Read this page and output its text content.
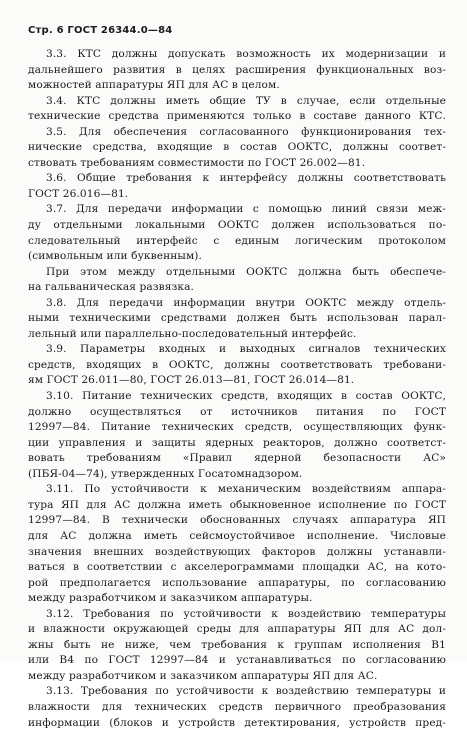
Стр. 6 ГОСТ 26344.0—84
3.3. КТС должны допускать возможность их модернизации и
дальнейшего развития в целях расширения функциональных воз-
можностей аппаратуры ЯП для АС в целом.
3.4. КТС должны иметь общие ТУ в случае, если отдельные
технические средства применяются только в составе данного КТС.
3.5. Для обеспечения согласованного функционирования тех-
нические средства, входящие в состав ООКТС, должны соответ-
ствовать требованиям совместимости по ГОСТ 26.002—81.
3.6. Общие требования к интерфейсу должны соответствовать
ГОСТ 26.016—81.
3.7. Для передачи информации с помощью линий связи меж-
ду отдельными локальными ООКТС должен использоваться по-
следовательный интерфейс с единым логическим протоколом
(символьным или буквенным).
При этом между отдельными ООКТС должна быть обеспече-
на гальваническая развязка.
3.8. Для передачи информации внутри ООКТС между отдель-
ными техническими средствами должен быть использован парал-
лельный или параллельно-последовательный интерфейс.
3.9. Параметры входных и выходных сигналов технических
средств, входящих в ООКТС, должны соответствовать требовани-
ям ГОСТ 26.011—80, ГОСТ 26.013—81, ГОСТ 26.014—81.
3.10. Питание технических средств, входящих в состав ООКТС,
должно осуществляться от источников питания по ГОСТ
12997—84. Питание технических средств, осуществляющих функ-
ции управления и защиты ядерных реакторов, должно соответст-
вовать требованиям «Правил ядерной безопасности АС»
(ПБЯ-04—74), утвержденных Госатомнадзором.
3.11. По устойчивости к механическим воздействиям аппара-
тура ЯП для АС должна иметь обыкновенное исполнение по ГОСТ
12997—84. В технически обоснованных случаях аппаратура ЯП
для АС должна иметь сейсмоустойчивое исполнение. Числовые
значения внешних воздействующих факторов должны устанавли-
ваться в соответствии с акселерограммами площадки АС, на кото-
рой предполагается использование аппаратуры, по согласованию
между разработчиком и заказчиком аппаратуры.
3.12. Требования по устойчивости к воздействию температуры
и влажности окружающей среды для аппаратуры ЯП для АС дол-
жны быть не ниже, чем требования к группам исполнения В1
или В4 по ГОСТ 12997—84 и устанавливаться по согласованию
между разработчиком и заказчиком аппаратуры ЯП для АС.
3.13. Требования по устойчивости к воздействию температуры и
влажности для технических средств первичного преобразования
информации (блоков и устройств детектирования, устройств пред-
